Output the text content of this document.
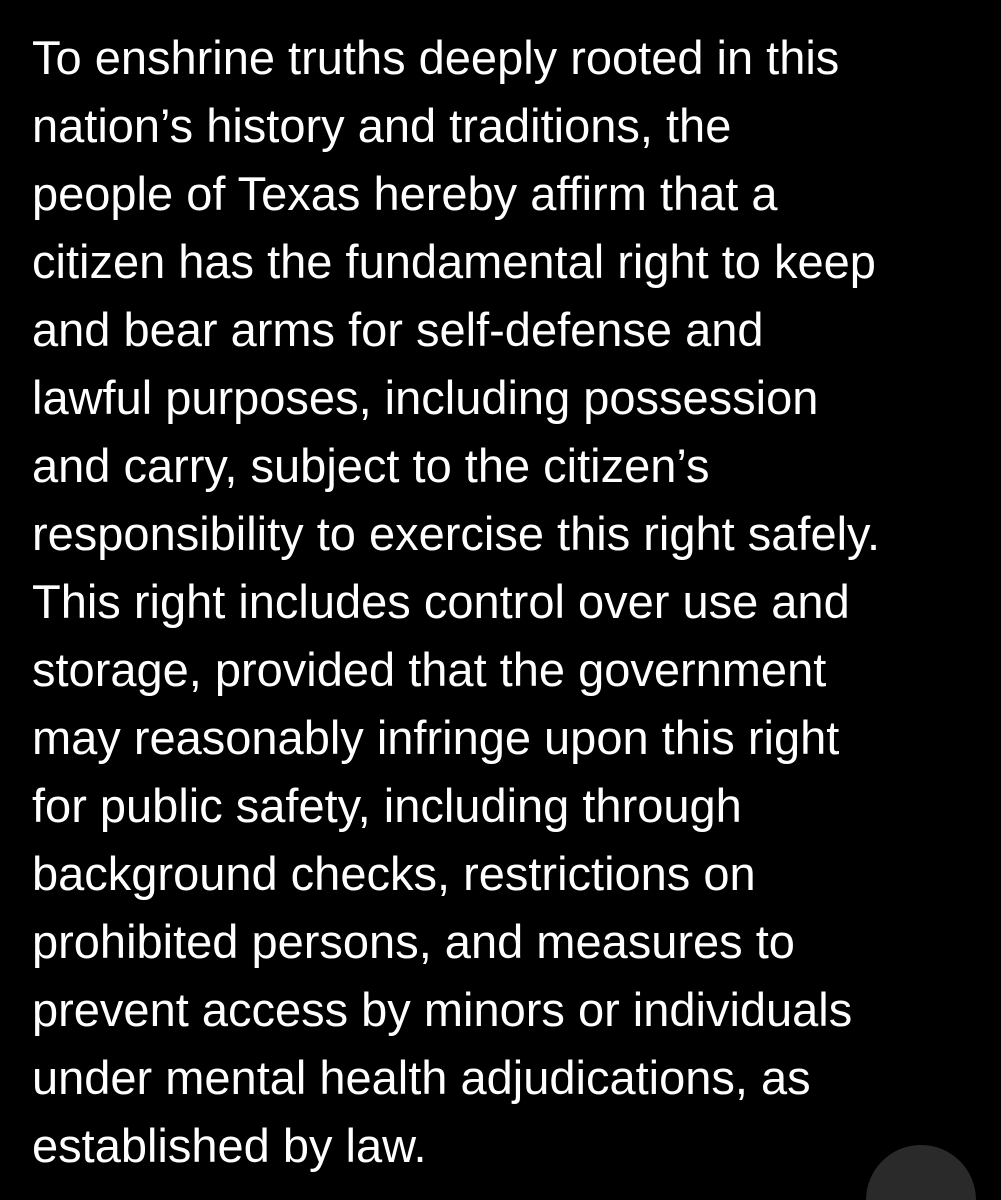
To enshrine truths deeply rooted in this
nation’s history and traditions, the
people of Texas hereby affirm that a
citizen has the fundamental right to keep
and bear arms for self-defense and
lawful purposes, including possession
and carry, subject to the citizen’s
responsibility to exercise this right safely.
This right includes control over use and
storage, provided that the government
may reasonably infringe upon this right
for public safety, including through
background checks, restrictions on
prohibited persons, and measures to
prevent access by minors or individuals
under mental health adjudications, as
established by law.
